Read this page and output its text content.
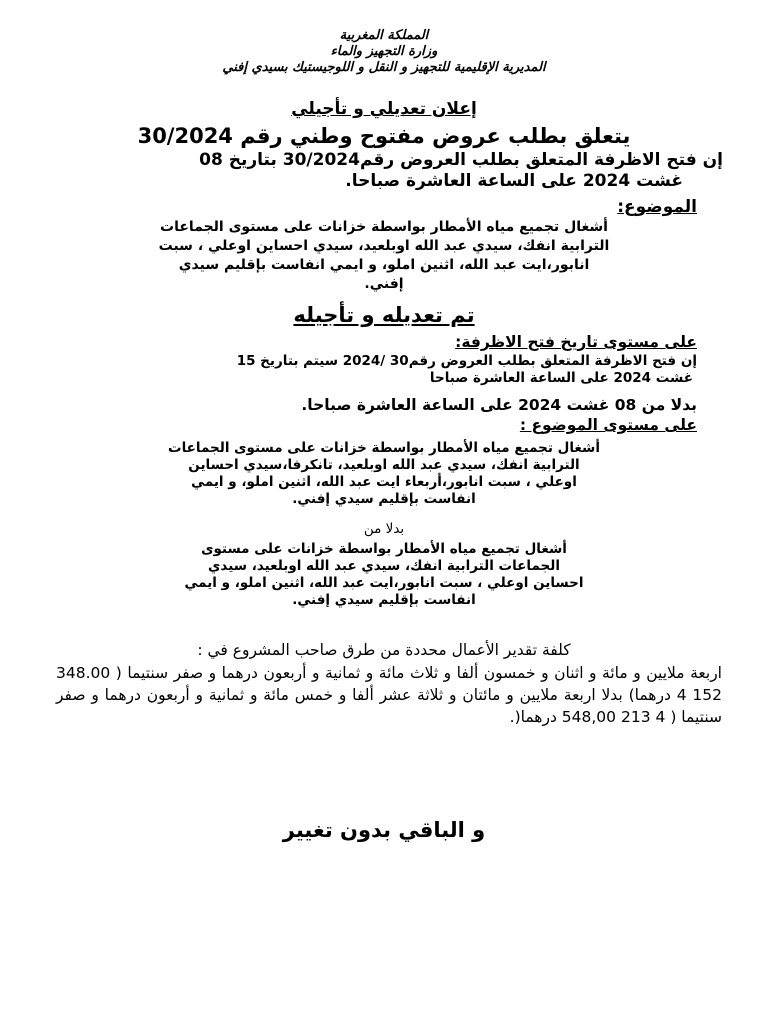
المملكة المغربية
وزارة التجهيز والماء
المديرية الإقليمية للتجهيز و النقل و اللوجيستيك بسيدي إفني
إعلان تعديلي و تأجيلي
يتعلق بطلب عروض مفتوح وطني رقم 30/2024
إن فتح الاظرفة المتعلق بطلب العروض رقم30/2024 بتاريخ 08
غشت 2024 على الساعة العاشرة صباحا.
الموضوع:
أشغال تجميع مياه الأمطار بواسطة خزانات على مستوى الجماعات
الترابية انفك، سيدي عبد الله اوبلعيد، سيدي احساين اوعلي ، سبت
انابور،ايت عبد الله، اثنين املو، و ايمي انفاست بإقليم سيدي
إفني.
تم تعديله و تأجيله
على مستوى تاريخ فتح الاظرفة:
إن فتح الاظرفة المتعلق بطلب العروض رقم30 /2024 سيتم بتاريخ 15
غشت 2024 على الساعة العاشرة صباحا
بدلا من 08 غشت 2024 على الساعة العاشرة صباحا.
على مستوى الموضوع :
أشغال تجميع مياه الأمطار بواسطة خزانات على مستوى الجماعات
الترابية انفك، سيدي عبد الله اوبلعيد، تانكرفا،سيدي احساين
اوعلي ، سبت انابور،أربعاء ايت عبد الله، اثنين املو، و ايمي
انفاست بإقليم سيدي إفني.
بدلا من
أشغال تجميع مياه الأمطار بواسطة خزانات على مستوى
الجماعات الترابية انفك، سيدي عبد الله اوبلعيد، سيدي
احساين اوعلي ، سبت انابور،ايت عبد الله، اثنين املو، و ايمي
انفاست بإقليم سيدي إفني.
كلفة تقدير الأعمال محددة من طرق صاحب المشروع في :
اربعة ملايين و مائة و اثنان و خمسون ألفا و ثلاث مائة و ثمانية و أربعون درهما و صفر سنتيما ( 348.00 152 4 درهما) بدلا اربعة ملايين و مائتان و ثلاثة عشر ألفا و خمس مائة و ثمانية و أربعون درهما و صفر سنتيما ( 4 213 548,00 درهما(.
و الباقي بدون تغيير
